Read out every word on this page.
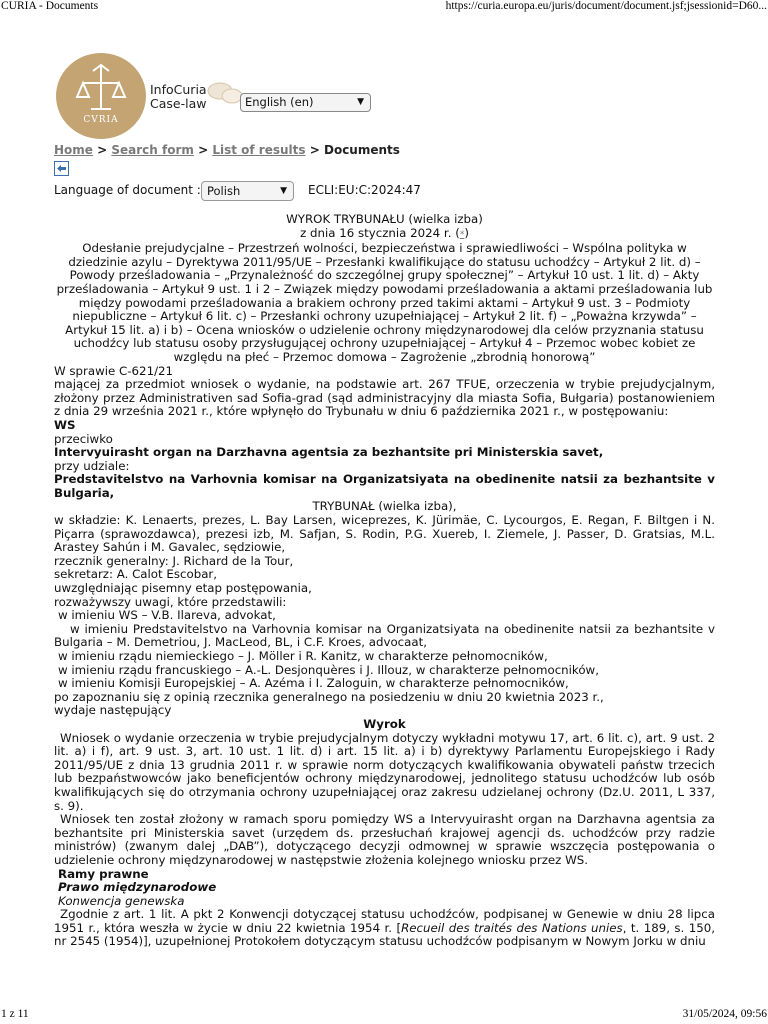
CURIA - Documents	https://curia.europa.eu/juris/document/document.jsf;jsessionid=D60...
CVRIA
InfoCuria
Case-law	English (en)	▼
Home > Search form > List of results > Documents
Language of document : Polish	▼ ECLI:EU:C:2024:47
WYROK TRYBUNAŁU (wielka izba)
z dnia 16 stycznia 2024 r. (*)
Odesłanie prejudycjalne – Przestrzeń wolności, bezpieczeństwa i sprawiedliwości – Wspólna polityka w dziedzinie azylu – Dyrektywa 2011/95/UE – Przesłanki kwalifikujące do statusu uchodźcy – Artykuł 2 lit. d) – Powody prześladowania – „Przynależność do szczególnej grupy społecznej” – Artykuł 10 ust. 1 lit. d) – Akty prześladowania – Artykuł 9 ust. 1 i 2 – Związek między powodami prześladowania a aktami prześladowania lub między powodami prześladowania a brakiem ochrony przed takimi aktami – Artykuł 9 ust. 3 – Podmioty niepubliczne – Artykuł 6 lit. c) – Przesłanki ochrony uzupełniającej – Artykuł 2 lit. f) – „Poważna krzywda” – Artykuł 15 lit. a) i b) – Ocena wniosków o udzielenie ochrony międzynarodowej dla celów przyznania statusu uchodźcy lub statusu osoby przysługującej ochrony uzupełniającej – Artykuł 4 – Przemoc wobec kobiet ze względu na płeć – Przemoc domowa – Zagrożenie „zbrodnią honorową”
W sprawie C-621/21
mającej za przedmiot wniosek o wydanie, na podstawie art. 267 TFUE, orzeczenia w trybie prejudycjalnym, złożony przez Administrativen sad Sofia-grad (sąd administracyjny dla miasta Sofia, Bułgaria) postanowieniem z dnia 29 września 2021 r., które wpłynęło do Trybunału w dniu 6 października 2021 r., w postępowaniu:
WS
przeciwko
Intervyuirasht organ na Darzhavna agentsia za bezhantsite pri Ministerskia savet,
przy udziale:
Predstavitelstvo na Varhovnia komisar na Organizatsiyata na obedinenite natsii za bezhantsite v Bulgaria,
TRYBUNAŁ (wielka izba),
w składzie: K. Lenaerts, prezes, L. Bay Larsen, wiceprezes, K. Jürimäe, C. Lycourgos, E. Regan, F. Biltgen i N. Piçarra (sprawozdawca), prezesi izb, M. Safjan, S. Rodin, P.G. Xuereb, I. Ziemele, J. Passer, D. Gratsias, M.L. Arastey Sahún i M. Gavalec, sędziowie,
rzecznik generalny: J. Richard de la Tour,
sekretarz: A. Calot Escobar,
uwzględniając pisemny etap postępowania,
rozważywszy uwagi, które przedstawili:
w imieniu WS – V.B. Ilareva, advokat,
w imieniu Predstavitelstvo na Varhovnia komisar na Organizatsiyata na obedinenite natsii za bezhantsite v Bulgaria – M. Demetriou, J. MacLeod, BL, i C.F. Kroes, advocaat,
w imieniu rządu niemieckiego – J. Möller i R. Kanitz, w charakterze pełnomocników,
w imieniu rządu francuskiego – A.-L. Desjonquères i J. Illouz, w charakterze pełnomocników,
w imieniu Komisji Europejskiej – A. Azéma i I. Zaloguin, w charakterze pełnomocników,
po zapoznaniu się z opinią rzecznika generalnego na posiedzeniu w dniu 20 kwietnia 2023 r.,
wydaje następujący
Wyrok
Wniosek o wydanie orzeczenia w trybie prejudycjalnym dotyczy wykładni motywu 17, art. 6 lit. c), art. 9 ust. 2 lit. a) i f), art. 9 ust. 3, art. 10 ust. 1 lit. d) i art. 15 lit. a) i b) dyrektywy Parlamentu Europejskiego i Rady 2011/95/UE z dnia 13 grudnia 2011 r. w sprawie norm dotyczących kwalifikowania obywateli państw trzecich lub bezpaństwowców jako beneficjentów ochrony międzynarodowej, jednolitego statusu uchodźców lub osób kwalifikujących się do otrzymania ochrony uzupełniającej oraz zakresu udzielanej ochrony (Dz.U. 2011, L 337, s. 9).
Wniosek ten został złożony w ramach sporu pomiędzy WS a Intervyuirasht organ na Darzhavna agentsia za bezhantsite pri Ministerskia savet (urzędem ds. przesłuchań krajowej agencji ds. uchodźców przy radzie ministrów) (zwanym dalej „DAB”), dotyczącego decyzji odmownej w sprawie wszczęcia postępowania o udzielenie ochrony międzynarodowej w następstwie złożenia kolejnego wniosku przez WS.
Ramy prawne
Prawo międzynarodowe
Konwencja genewska
Zgodnie z art. 1 lit. A pkt 2 Konwencji dotyczącej statusu uchodźców, podpisanej w Genewie w dniu 28 lipca 1951 r., która weszła w życie w dniu 22 kwietnia 1954 r. [Recueil des traités des Nations unies, t. 189, s. 150, nr 2545 (1954)], uzupełnionej Protokołem dotyczącym statusu uchodźców podpisanym w Nowym Jorku w dniu
1 z 11	31/05/2024, 09:56
